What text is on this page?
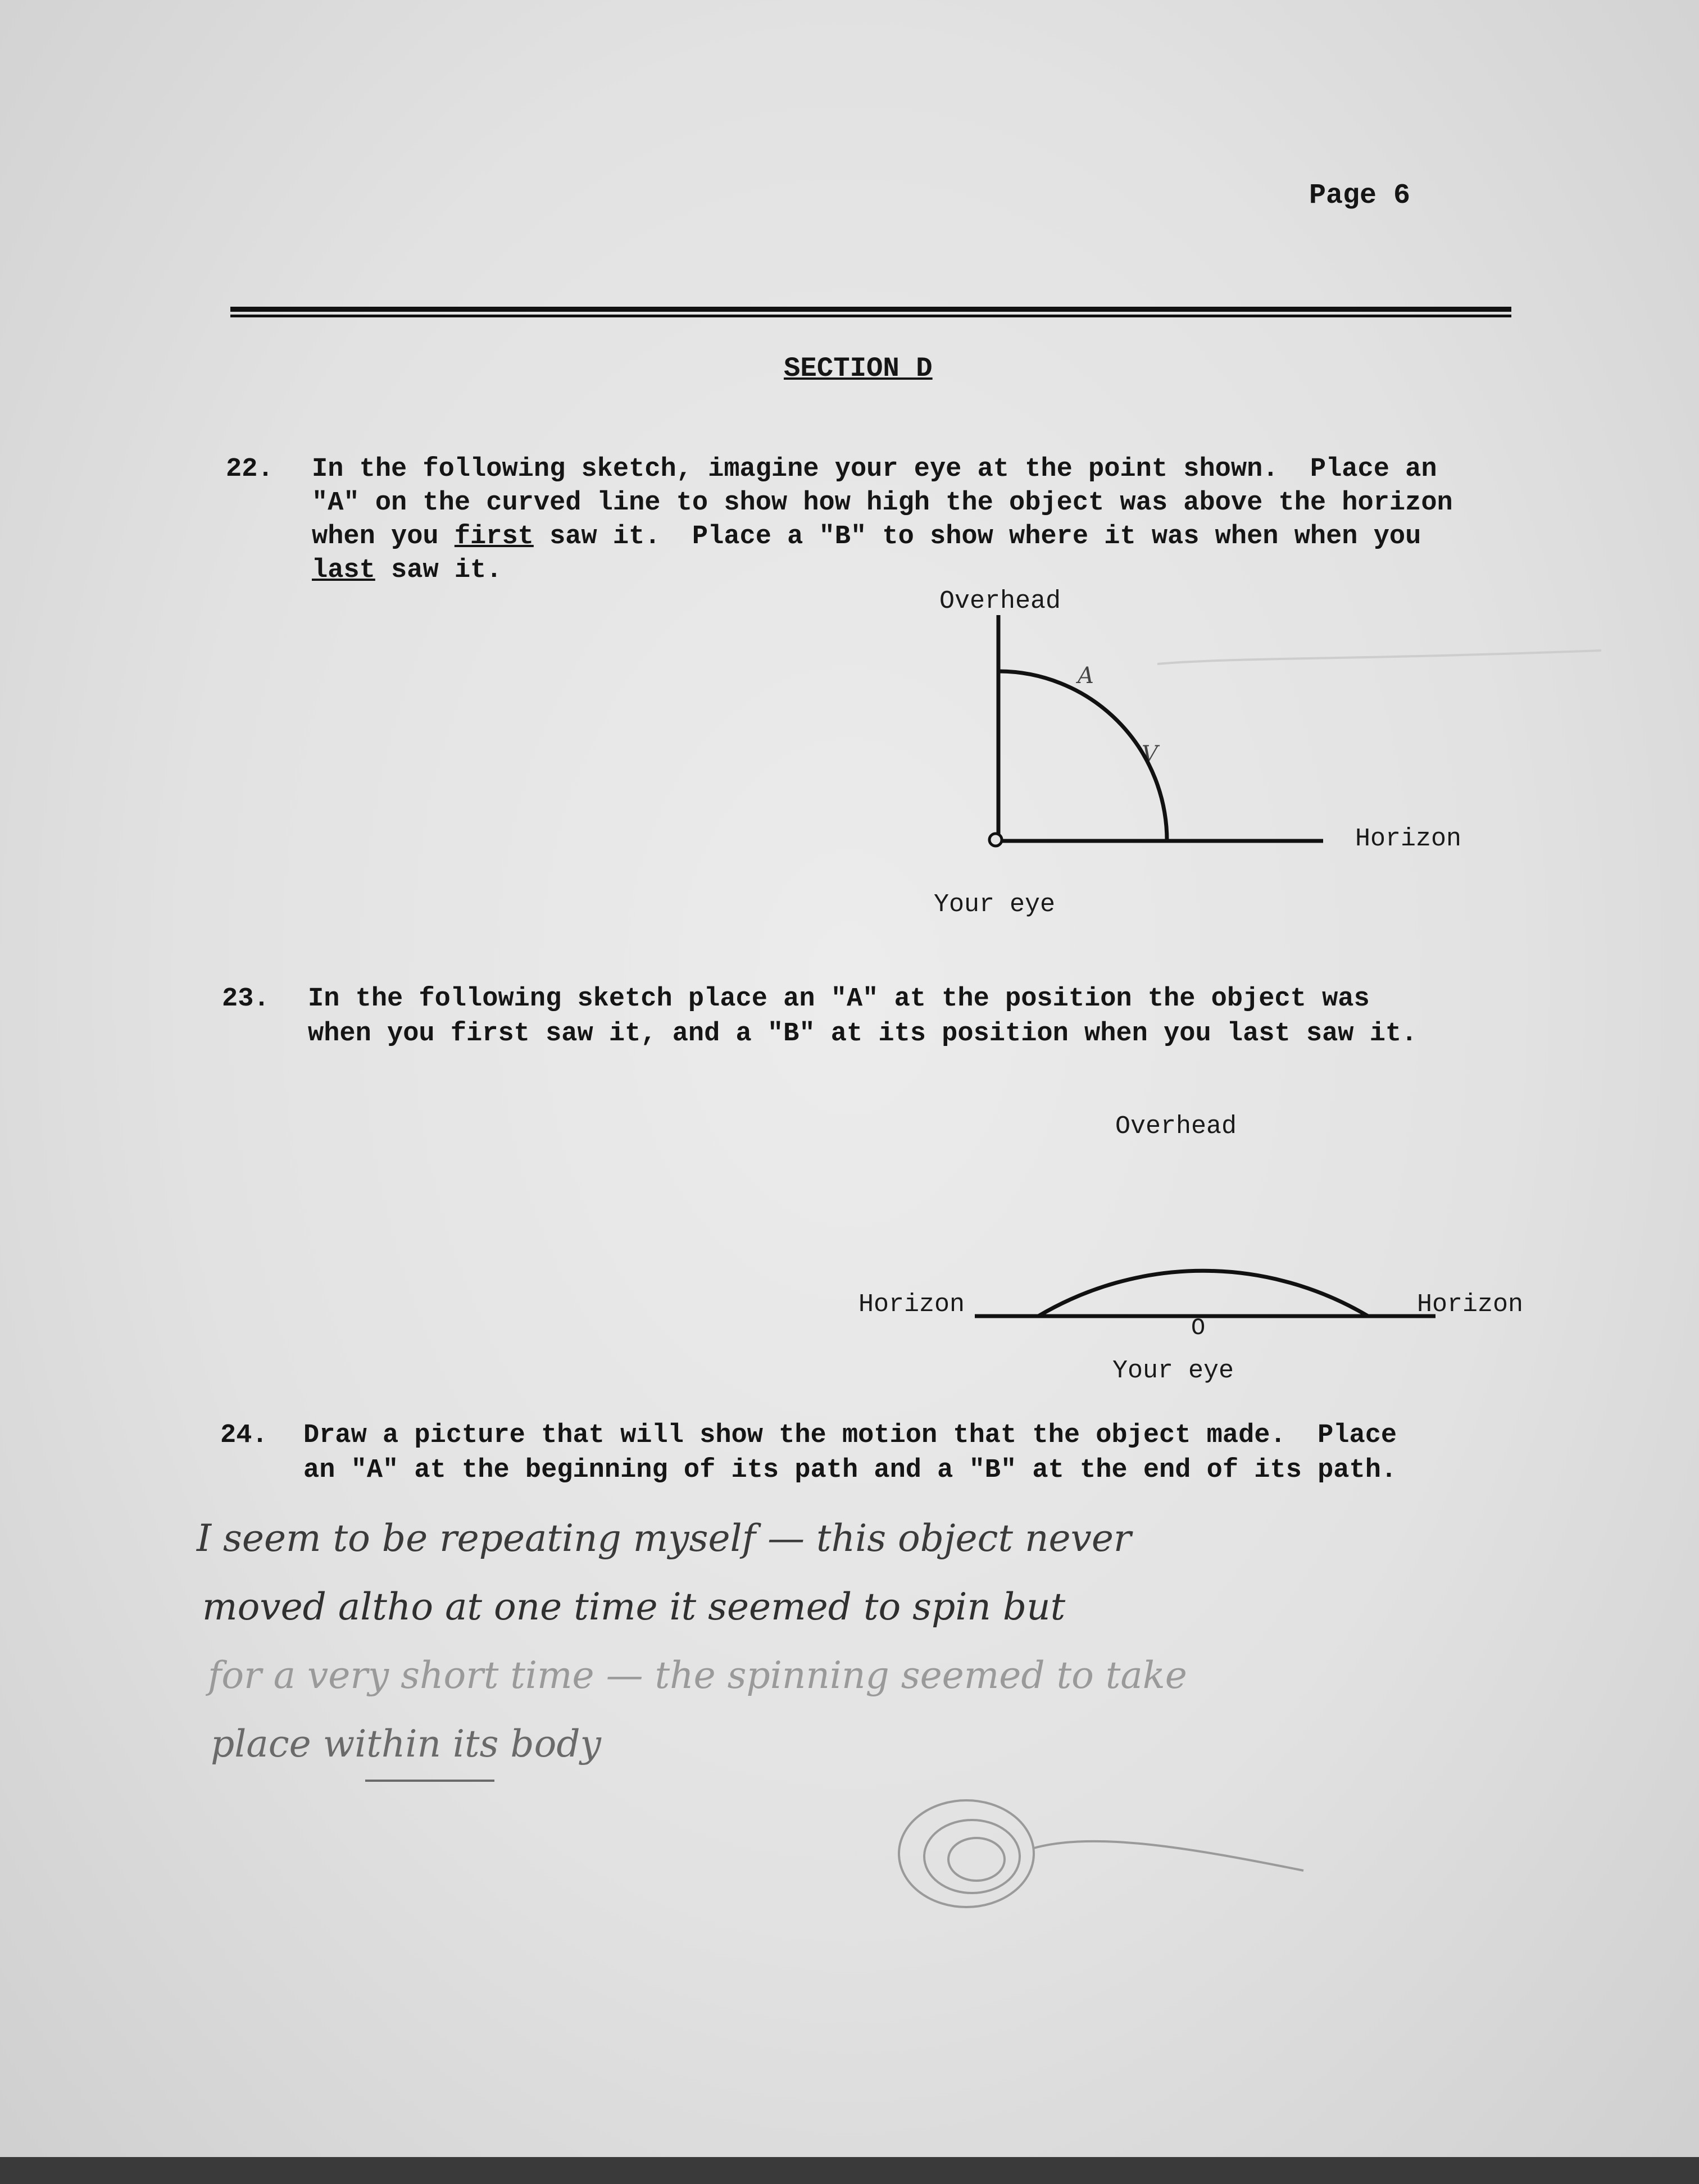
Page 6
SECTION D
22. In the following sketch, imagine your eye at the point shown.  Place an
"A" on the curved line to show how high the object was above the horizon
when you first saw it.  Place a "B" to show where it was when when you
last saw it.
Overhead
Horizon
Your eye
A
V
23. In the following sketch place an "A" at the position the object was
when you first saw it, and a "B" at its position when you last saw it.
Overhead
Horizon	Horizon
O
Your eye
24. Draw a picture that will show the motion that the object made.  Place
an "A" at the beginning of its path and a "B" at the end of its path.
I seem to be repeating myself — this object never
moved altho at one time it seemed to spin but
for a very short time — the spinning seemed to take
place within its body
